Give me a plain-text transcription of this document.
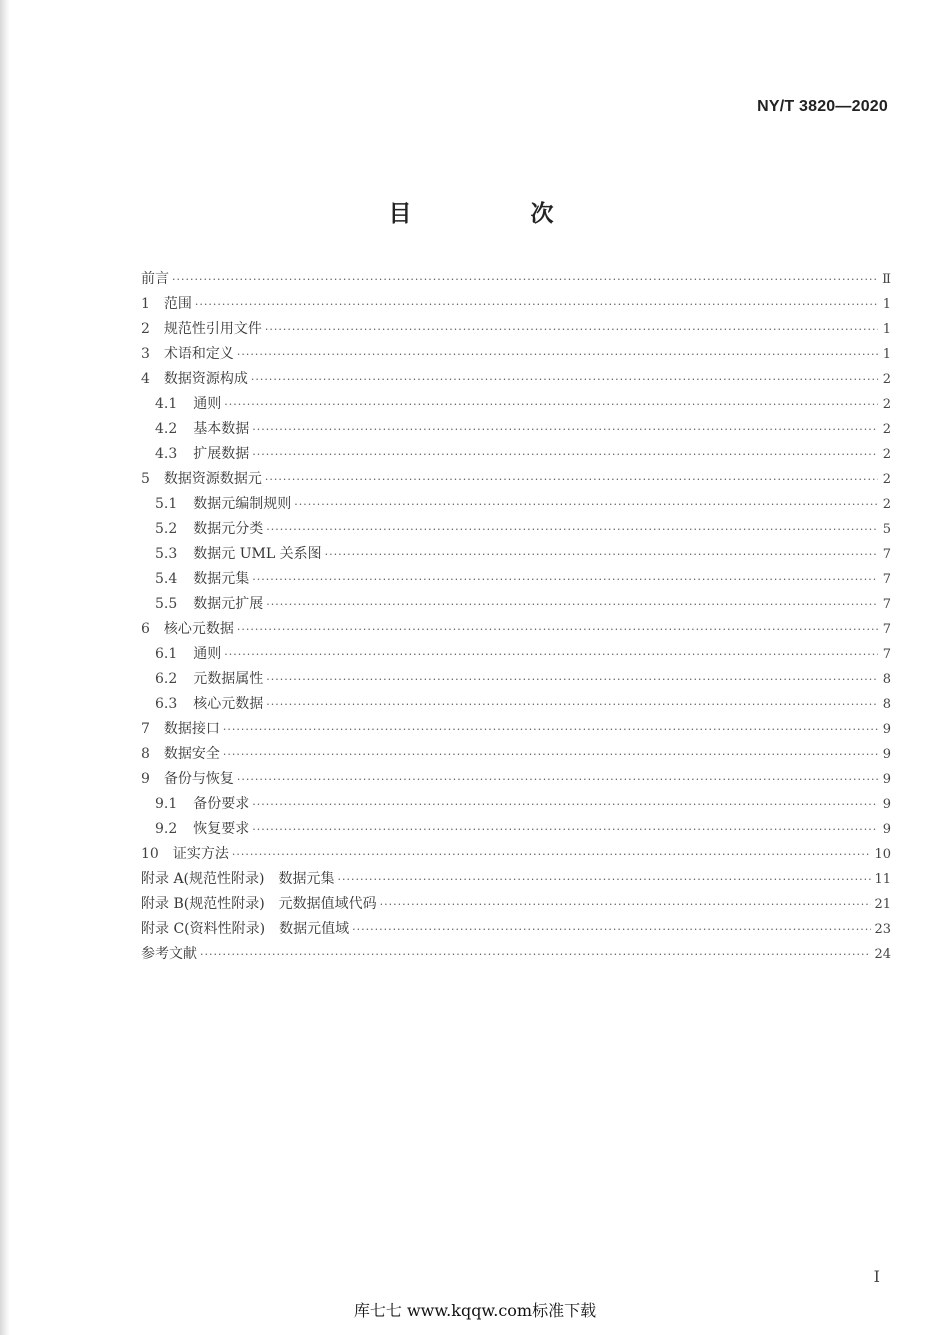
NY/T 3820—2020
目　次
前言 ·····	Ⅱ
1 范围 ·····	1
2 规范性引用文件 ·····	1
3 术语和定义 ·····	1
4 数据资源构成 ·····	2
4.1 通则 ·····	2
4.2 基本数据 ·····	2
4.3 扩展数据 ·····	2
5 数据资源数据元 ·····	2
5.1 数据元编制规则 ·····	2
5.2 数据元分类 ·····	5
5.3 数据元 UML 关系图 ·····	7
5.4 数据元集 ·····	7
5.5 数据元扩展 ·····	7
6 核心元数据 ·····	7
6.1 通则 ·····	7
6.2 元数据属性 ·····	8
6.3 核心元数据 ·····	8
7 数据接口 ·····	9
8 数据安全 ·····	9
9 备份与恢复 ·····	9
9.1 备份要求 ·····	9
9.2 恢复要求 ·····	9
10 证实方法 ·····	10
附录 A(规范性附录)　数据元集 ·····	11
附录 B(规范性附录)　元数据值域代码 ·····	21
附录 C(资料性附录)　数据元值域 ·····	23
参考文献 ·····	24
I
库七七 www.kqqw.com标准下载
